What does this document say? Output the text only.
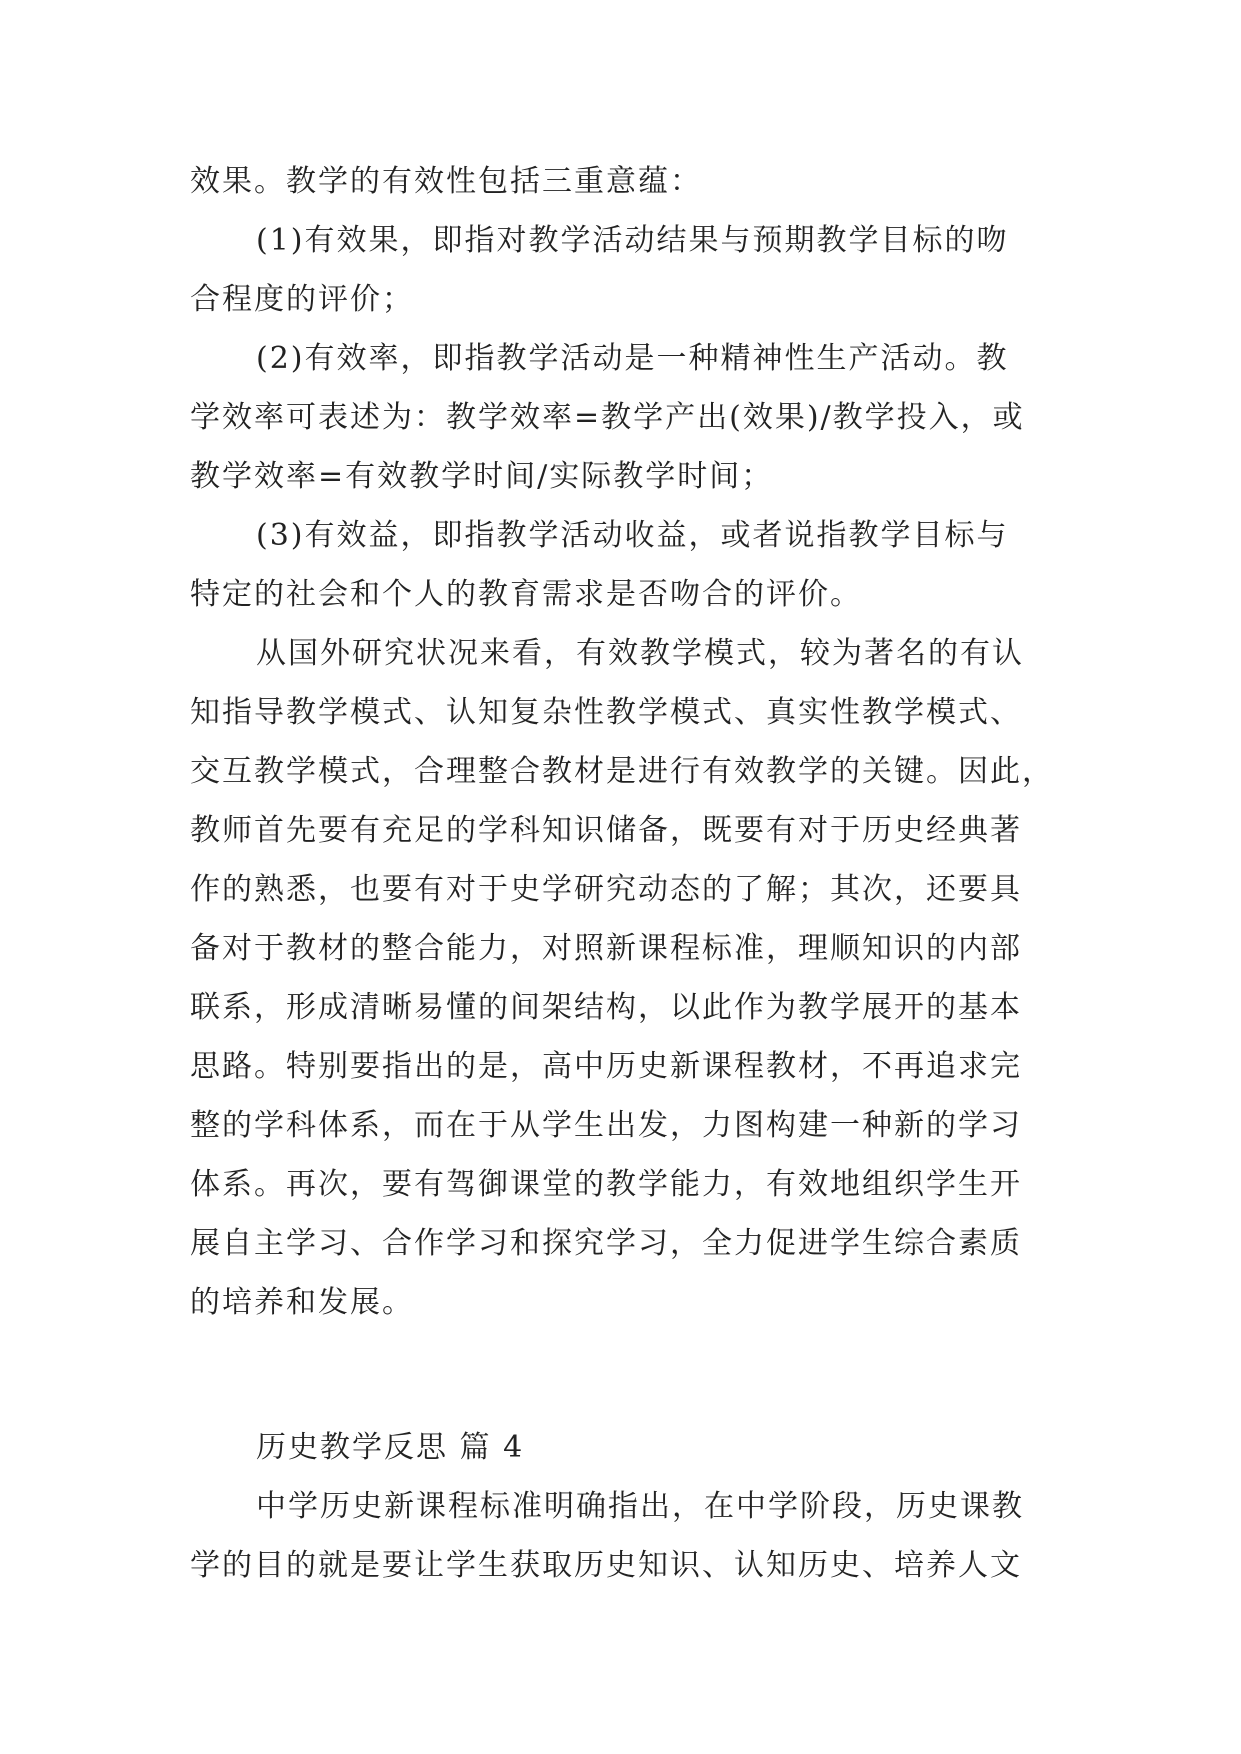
效果。教学的有效性包括三重意蕴：

(1)有效果，即指对教学活动结果与预期教学目标的吻

合程度的评价；

(2)有效率，即指教学活动是一种精神性生产活动。教

学效率可表述为：教学效率=教学产出(效果)/教学投入，或

教学效率=有效教学时间/实际教学时间；

(3)有效益，即指教学活动收益，或者说指教学目标与

特定的社会和个人的教育需求是否吻合的评价。

从国外研究状况来看，有效教学模式，较为著名的有认

知指导教学模式、认知复杂性教学模式、真实性教学模式、

交互教学模式，合理整合教材是进行有效教学的关键。因此，

教师首先要有充足的学科知识储备，既要有对于历史经典著

作的熟悉，也要有对于史学研究动态的了解；其次，还要具

备对于教材的整合能力，对照新课程标准，理顺知识的内部

联系，形成清晰易懂的间架结构，以此作为教学展开的基本

思路。特别要指出的是，高中历史新课程教材，不再追求完

整的学科体系，而在于从学生出发，力图构建一种新的学习

体系。再次，要有驾御课堂的教学能力，有效地组织学生开

展自主学习、合作学习和探究学习，全力促进学生综合素质

的培养和发展。

历史教学反思 篇 4

中学历史新课程标准明确指出，在中学阶段，历史课教

学的目的就是要让学生获取历史知识、认知历史、培养人文
